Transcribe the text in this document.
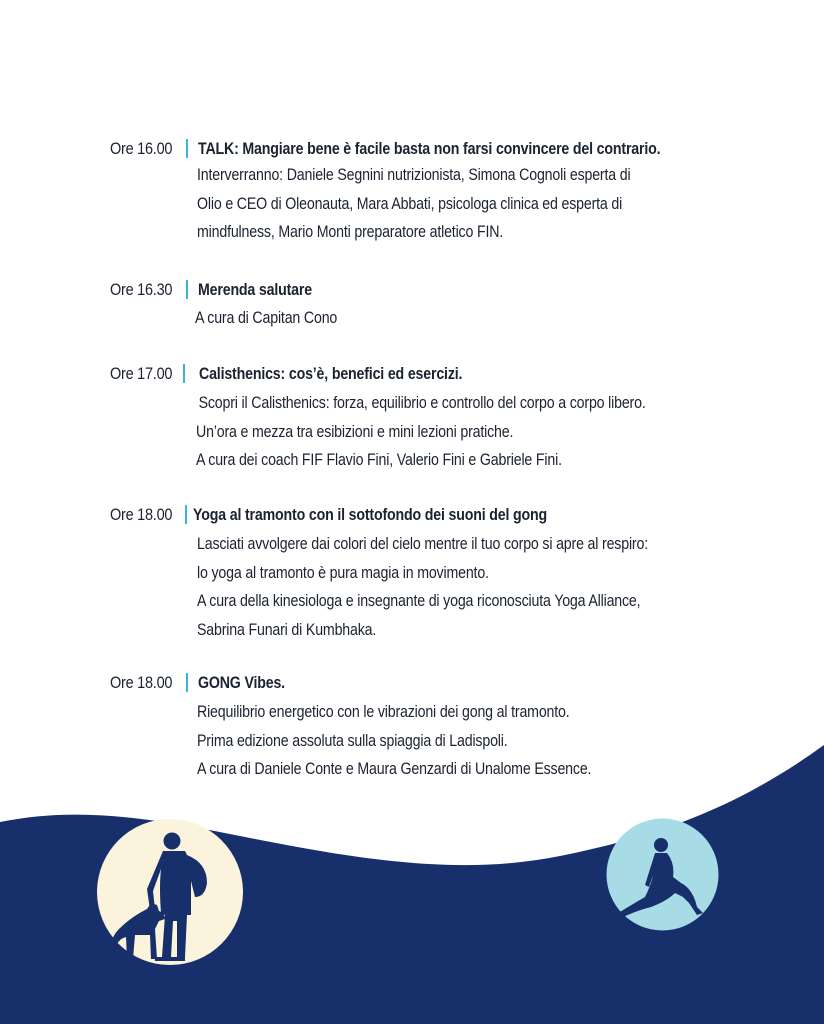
Ore 16.00 TALK: Mangiare bene è facile basta non farsi convincere del contrario.
Interverranno: Daniele Segnini nutrizionista, Simona Cognoli esperta di
Olio e CEO di Oleonauta, Mara Abbati, psicologa clinica ed esperta di
mindfulness, Mario Monti preparatore atletico FIN.
Ore 16.30 Merenda salutare
A cura di Capitan Cono
Ore 17.00 Calisthenics: cos’è, benefici ed esercizi.
Scopri il Calisthenics: forza, equilibrio e controllo del corpo a corpo libero.
Un’ora e mezza tra esibizioni e mini lezioni pratiche.
A cura dei coach FIF Flavio Fini, Valerio Fini e Gabriele Fini.
Ore 18.00 Yoga al tramonto con il sottofondo dei suoni del gong
Lasciati avvolgere dai colori del cielo mentre il tuo corpo si apre al respiro:
lo yoga al tramonto è pura magia in movimento.
A cura della kinesiologa e insegnante di yoga riconosciuta Yoga Alliance,
Sabrina Funari di Kumbhaka.
Ore 18.00 GONG Vibes.
Riequilibrio energetico con le vibrazioni dei gong al tramonto.
Prima edizione assoluta sulla spiaggia di Ladispoli.
A cura di Daniele Conte e Maura Genzardi di Unalome Essence.
